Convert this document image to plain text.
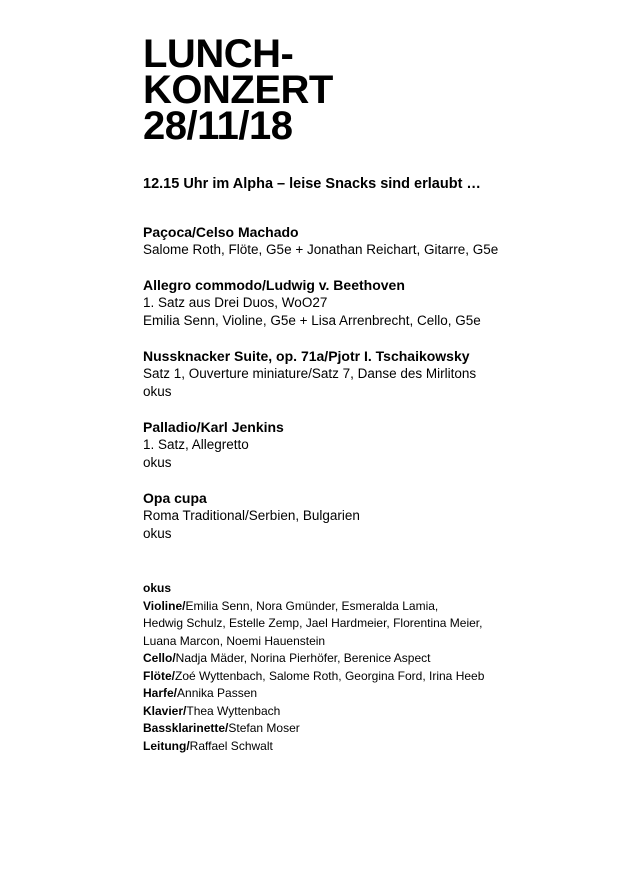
LUNCH-
KONZERT
28/11/18

12.15 Uhr im Alpha – leise Snacks sind erlaubt …

Paçoca/Celso Machado
Salome Roth, Flöte, G5e + Jonathan Reichart, Gitarre, G5e
Allegro commodo/Ludwig v. Beethoven
1. Satz aus Drei Duos, WoO27
Emilia Senn, Violine, G5e + Lisa Arrenbrecht, Cello, G5e
Nussknacker Suite, op. 71a/Pjotr I. Tschaikowsky
Satz 1, Ouverture miniature/Satz 7, Danse des Mirlitons
okus
Palladio/Karl Jenkins
1. Satz, Allegretto
okus
Opa cupa
Roma Traditional/Serbien, Bulgarien
okus
okus
Violine/Emilia Senn, Nora Gmünder, Esmeralda Lamia,
Hedwig Schulz, Estelle Zemp, Jael Hardmeier, Florentina Meier,
Luana Marcon, Noemi Hauenstein
Cello/Nadja Mäder, Norina Pierhöfer, Berenice Aspect
Flöte/Zoé Wyttenbach, Salome Roth, Georgina Ford, Irina Heeb
Harfe/Annika Passen
Klavier/Thea Wyttenbach
Bassklarinette/Stefan Moser
Leitung/Raffael Schwalt
